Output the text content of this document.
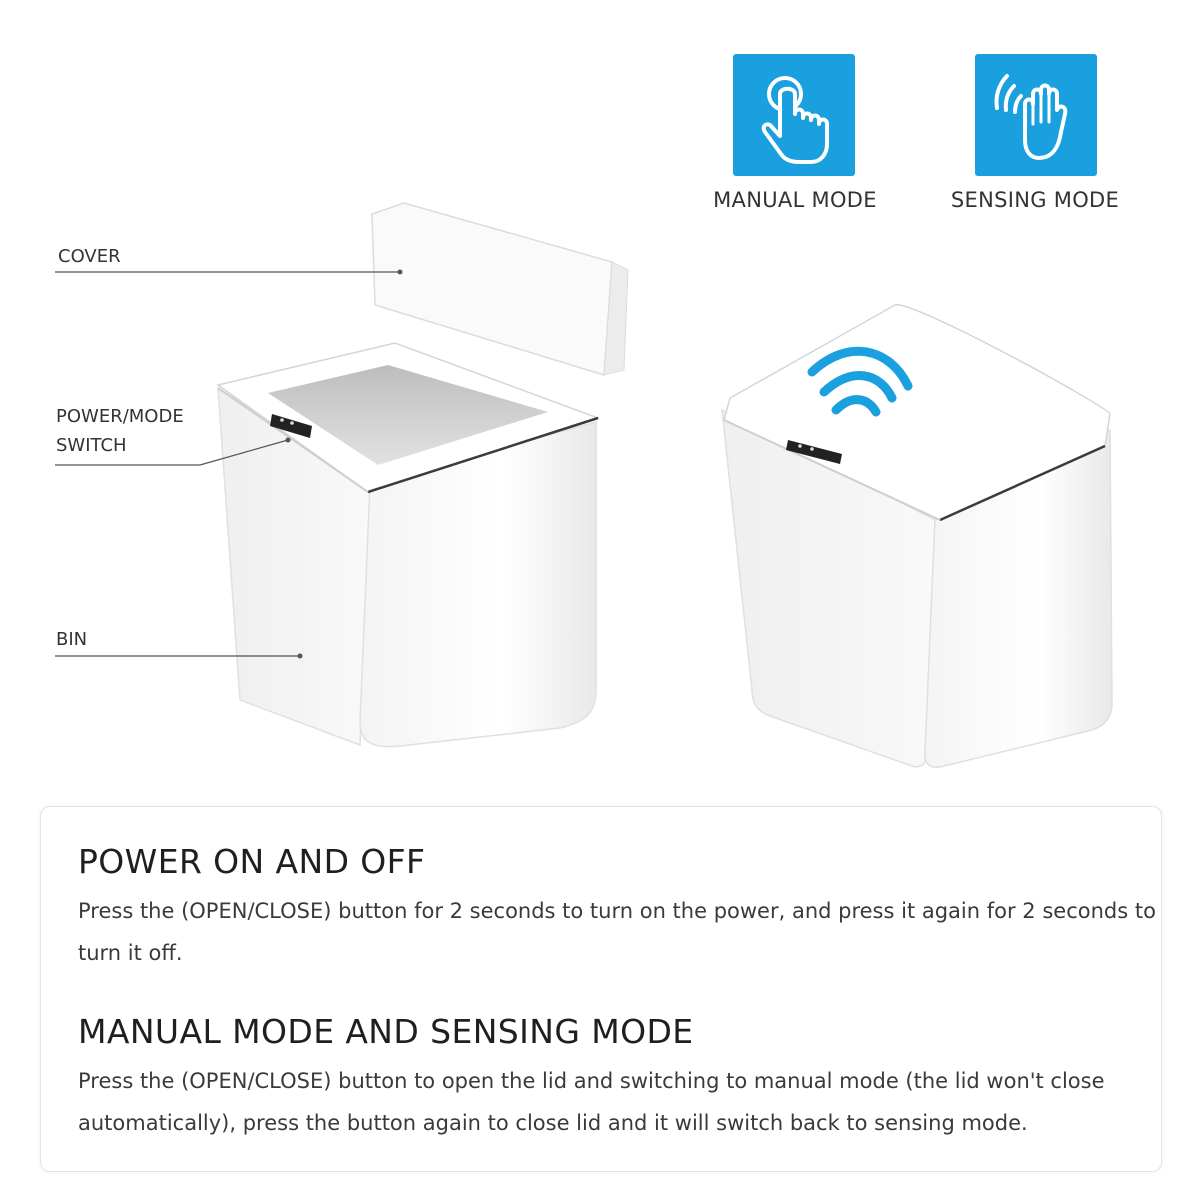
MANUAL MODE	SENSING MODE
COVER
POWER/MODE
SWITCH
BIN
POWER ON AND OFF
Press the (OPEN/CLOSE) button for 2 seconds to turn on the power, and press it again for 2 seconds to turn it off.
MANUAL MODE AND SENSING MODE
Press the (OPEN/CLOSE) button to open the lid and switching to manual mode (the lid won't close automatically), press the button again to close lid and it will switch back to sensing mode.
